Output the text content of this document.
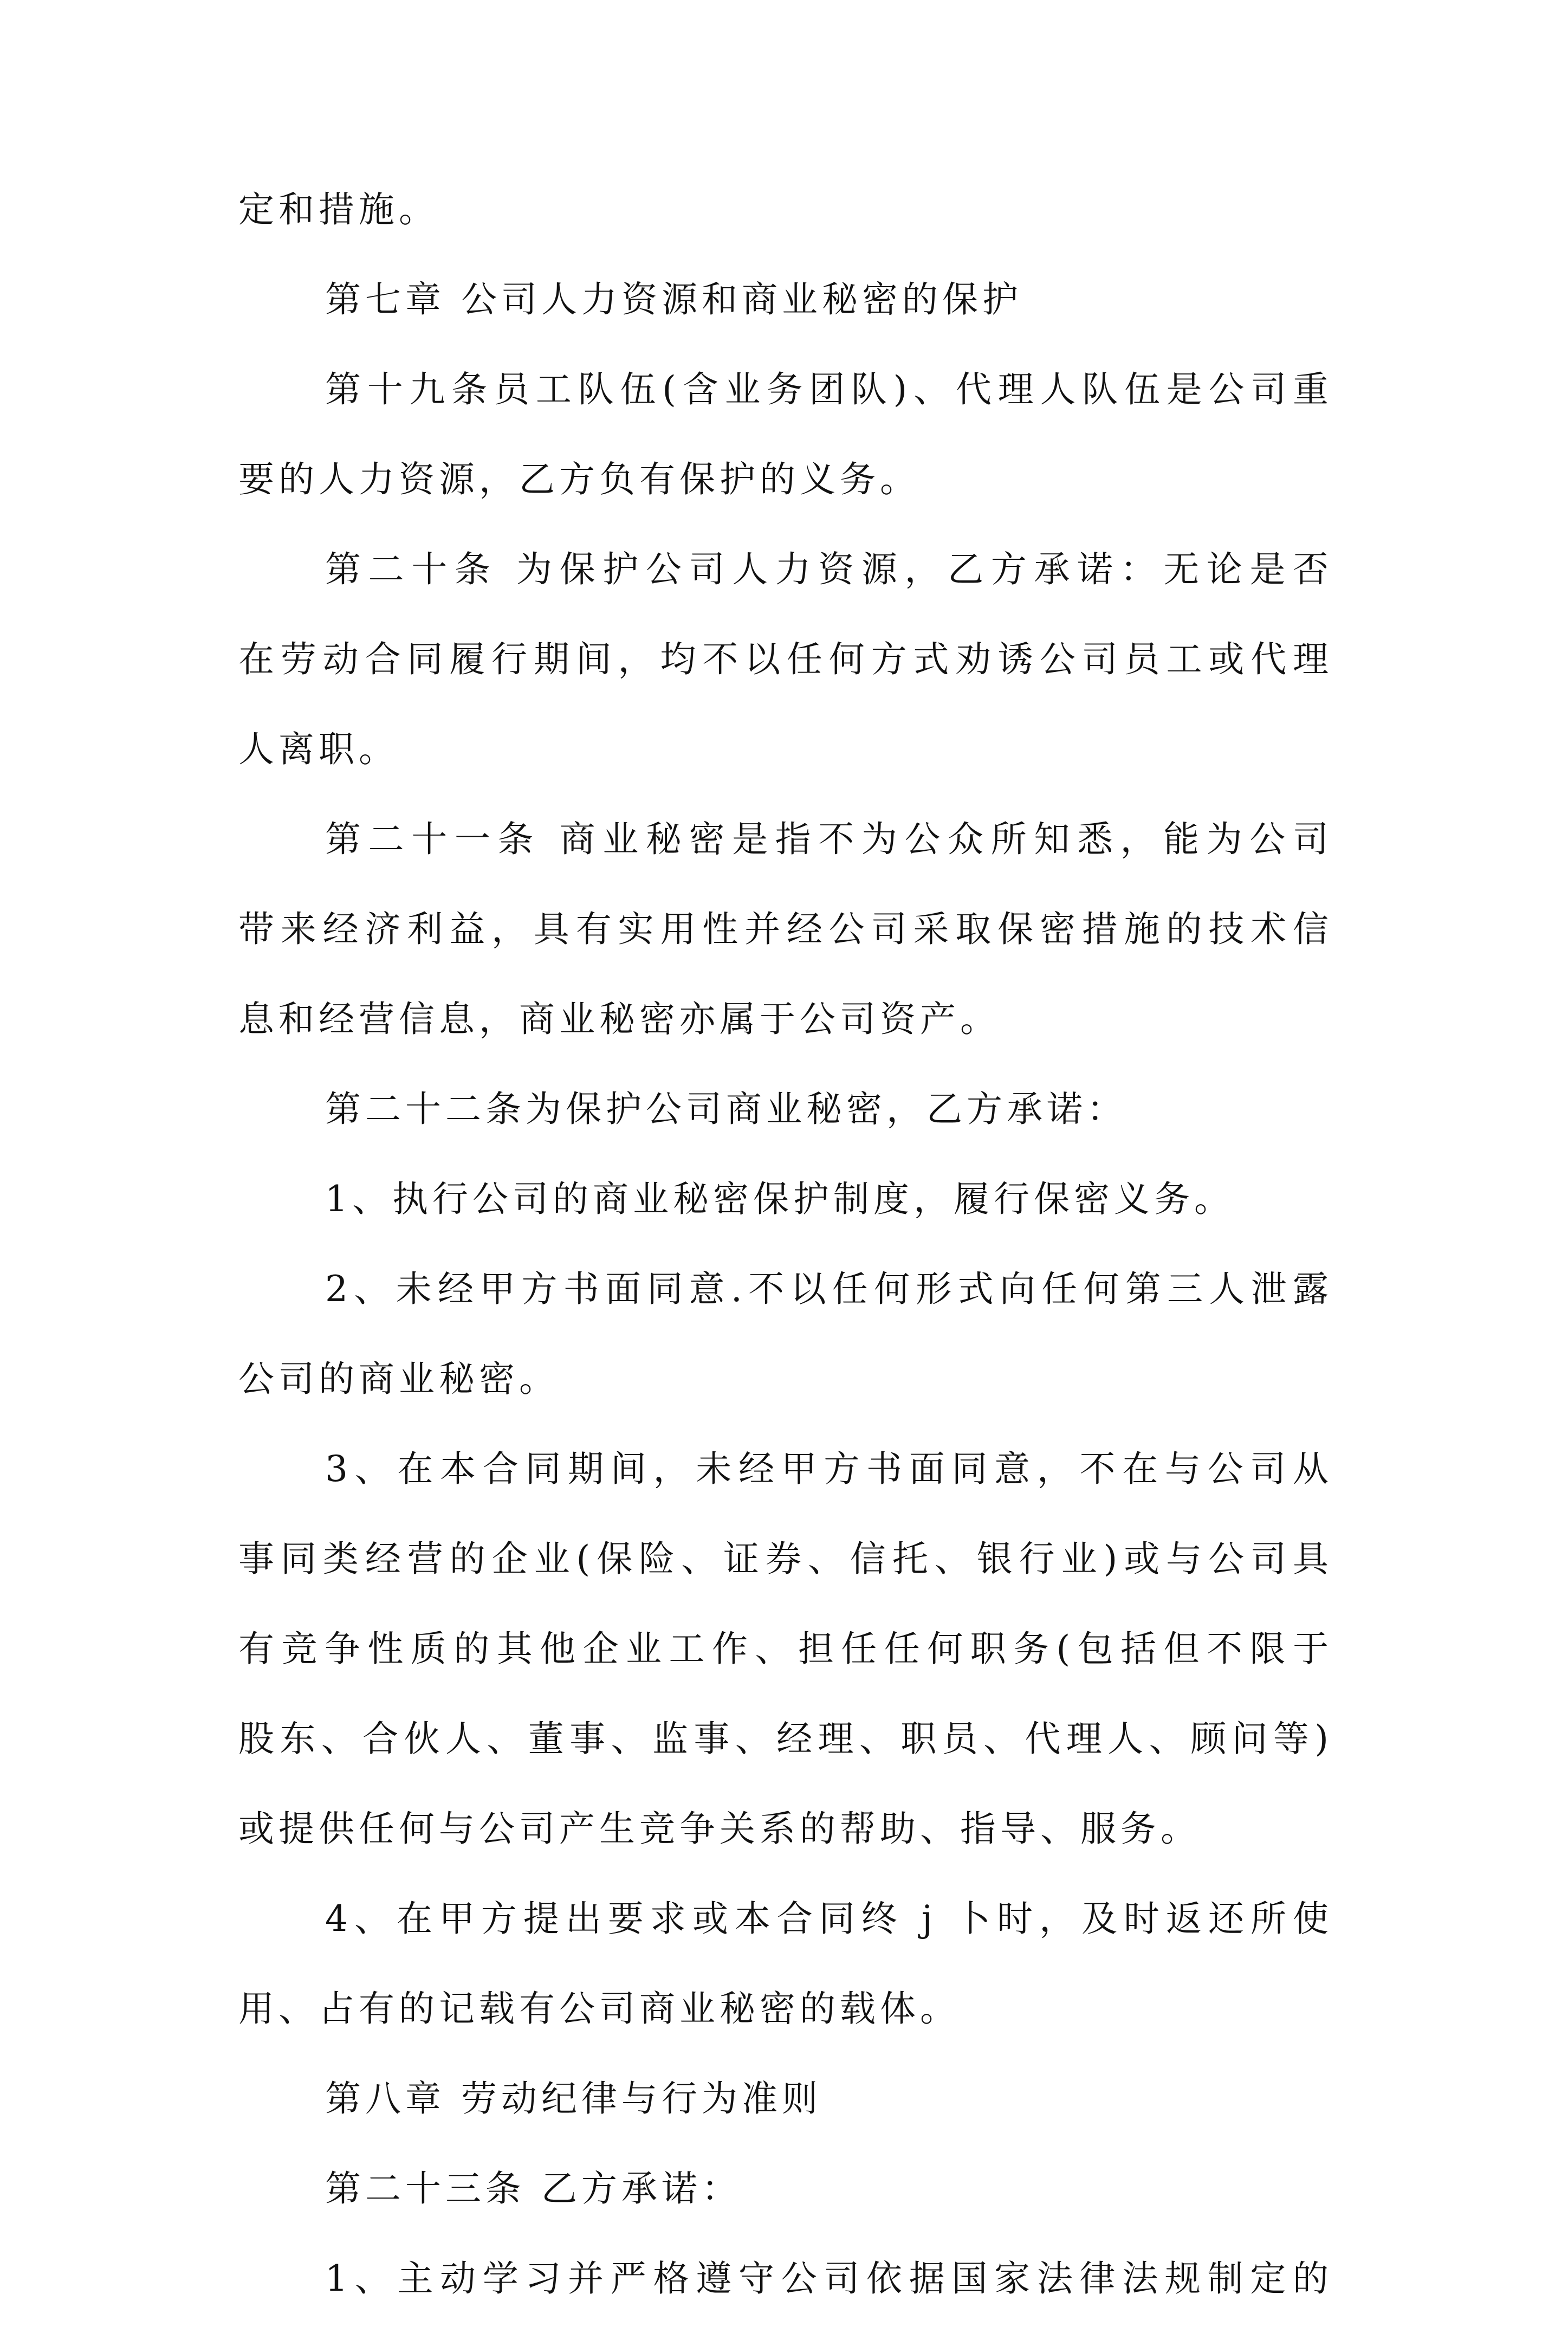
定和措施。

第七章 公司人力资源和商业秘密的保护

第十九条员工队伍(含业务团队)、代理人队伍是公司重

要的人力资源，乙方负有保护的义务。

第二十条 为保护公司人力资源，乙方承诺：无论是否

在劳动合同履行期间，均不以任何方式劝诱公司员工或代理

人离职。

第二十一条 商业秘密是指不为公众所知悉，能为公司

带来经济利益，具有实用性并经公司采取保密措施的技术信

息和经营信息，商业秘密亦属于公司资产。

第二十二条为保护公司商业秘密，乙方承诺：

1、执行公司的商业秘密保护制度，履行保密义务。

2、未经甲方书面同意.不以任何形式向任何第三人泄露

公司的商业秘密。

3、在本合同期间，未经甲方书面同意，不在与公司从

事同类经营的企业(保险、证券、信托、银行业)或与公司具

有竞争性质的其他企业工作、担任任何职务(包括但不限于

股东、合伙人、董事、监事、经理、职员、代理人、顾问等)

或提供任何与公司产生竞争关系的帮助、指导、服务。

4、在甲方提出要求或本合同终 j 卜时，及时返还所使

用、占有的记载有公司商业秘密的载体。

第八章 劳动纪律与行为准则

第二十三条 乙方承诺：

1、主动学习并严格遵守公司依据国家法律法规制定的
